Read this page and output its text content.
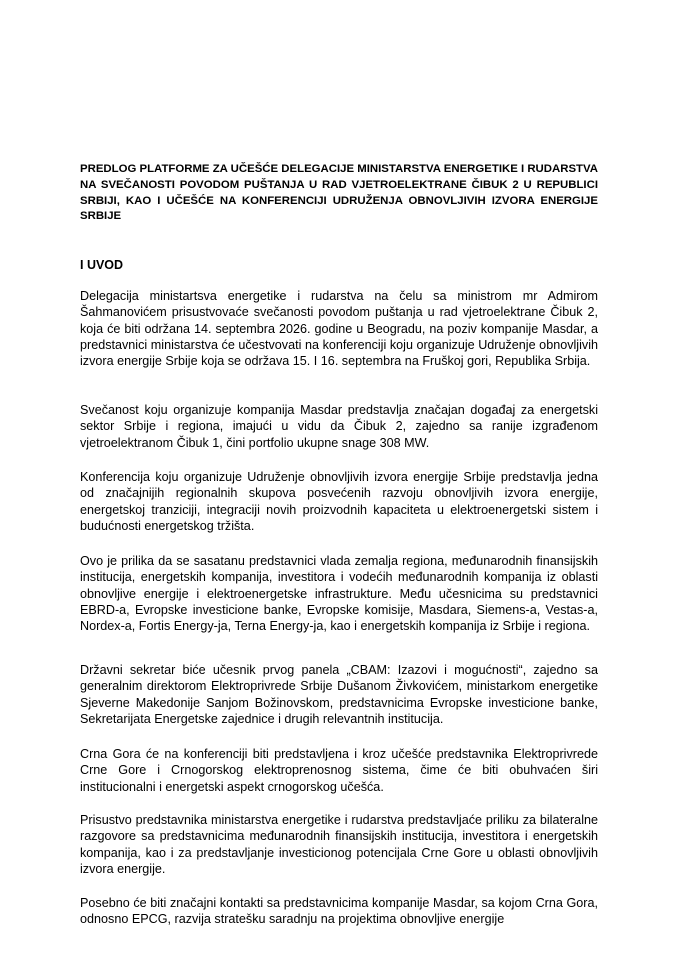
PREDLOG PLATFORME ZA UČEŠĆE DELEGACIJE MINISTARSTVA ENERGETIKE I RUDARSTVA NA SVEČANOSTI POVODOM PUŠTANJA U RAD VJETROELEKTRANE ČIBUK 2 U REPUBLICI SRBIJI, KAO I UČEŠĆE NA KONFERENCIJI UDRUŽENJA OBNOVLJIVIH IZVORA ENERGIJE SRBIJE

I UVOD

Delegacija ministartsva energetike i rudarstva na čelu sa ministrom mr Admirom Šahmanovićem prisustvovaće svečanosti povodom puštanja u rad vjetroelektrane Čibuk 2, koja će biti održana 14. septembra 2026. godine u Beogradu, na poziv kompanije Masdar, a predstavnici ministarstva će učestvovati na konferenciji koju organizuje Udruženje obnovljivih izvora energije Srbije koja se održava 15. I 16. septembra na Fruškoj gori, Republika Srbija.

Svečanost koju organizuje kompanija Masdar predstavlja značajan događaj za energetski sektor Srbije i regiona, imajući u vidu da Čibuk 2, zajedno sa ranije izgrađenom vjetroelektranom Čibuk 1, čini portfolio ukupne snage 308 MW.

Konferencija koju organizuje Udruženje obnovljivih izvora energije Srbije predstavlja jedna od značajnijih regionalnih skupova posvećenih razvoju obnovljivih izvora energije, energetskoj tranziciji, integraciji novih proizvodnih kapaciteta u elektroenergetski sistem i budućnosti energetskog tržišta.

Ovo je prilika da se sasatanu predstavnici vlada zemalja regiona, međunarodnih finansijskih institucija, energetskih kompanija, investitora i vodećih međunarodnih kompanija iz oblasti obnovljive energije i elektroenergetske infrastrukture. Među učesnicima su predstavnici EBRD-a, Evropske investicione banke, Evropske komisije, Masdara, Siemens-a, Vestas-a, Nordex-a, Fortis Energy-ja, Terna Energy-ja, kao i energetskih kompanija iz Srbije i regiona.

Državni sekretar biće učesnik prvog panela „CBAM: Izazovi i mogućnosti“, zajedno sa generalnim direktorom Elektroprivrede Srbije Dušanom Živkovićem, ministarkom energetike Sjeverne Makedonije Sanjom Božinovskom, predstavnicima Evropske investicione banke, Sekretarijata Energetske zajednice i drugih relevantnih institucija.

Crna Gora će na konferenciji biti predstavljena i kroz učešće predstavnika Elektroprivrede Crne Gore i Crnogorskog elektroprenosnog sistema, čime će biti obuhvaćen širi institucionalni i energetski aspekt crnogorskog učešća.

Prisustvo predstavnika ministarstva energetike i rudarstva predstavljaće priliku za bilateralne razgovore sa predstavnicima međunarodnih finansijskih institucija, investitora i energetskih kompanija, kao i za predstavljanje investicionog potencijala Crne Gore u oblasti obnovljivih izvora energije.

Posebno će biti značajni kontakti sa predstavnicima kompanije Masdar, sa kojom Crna Gora, odnosno EPCG, razvija stratešku saradnju na projektima obnovljive energije
